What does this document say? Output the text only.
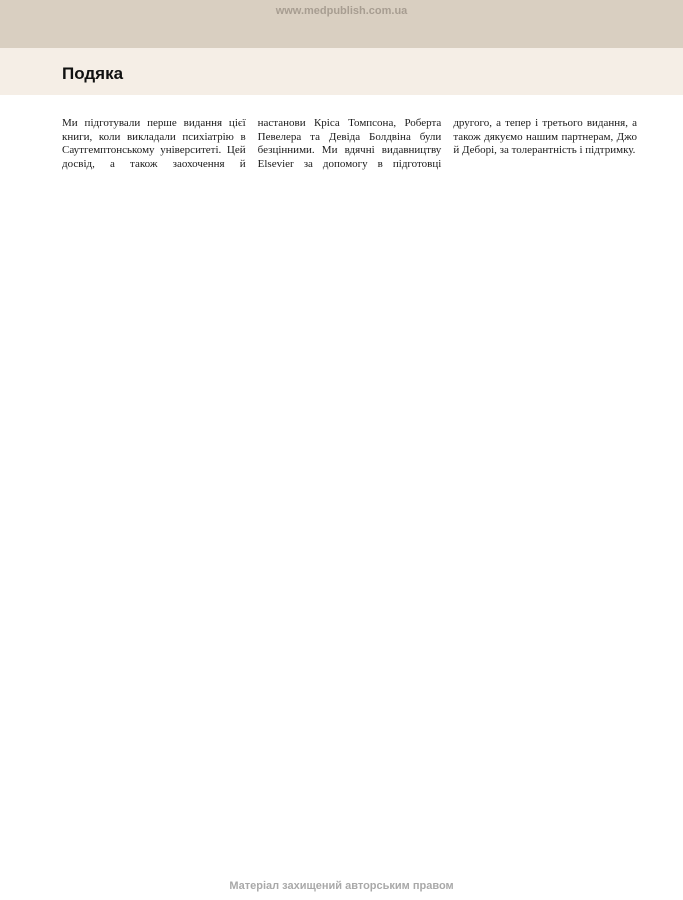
www.medpublish.com.ua

Подяка

Ми підготували перше видання цієї книги, коли викладали психіатрію в Саутгемптонському університеті. Цей досвід, а також заохочення й настанови Кріса Томпсона, Роберта Певелера та Девіда Болдвіна були безцінними. Ми вдячні видавництву Elsevier за допомогу в підготовці другого, а тепер і третього видання, а також дякуємо нашим партнерам, Джо й Деборі, за толерантність і підтримку.

Матеріал захищений авторським правом
